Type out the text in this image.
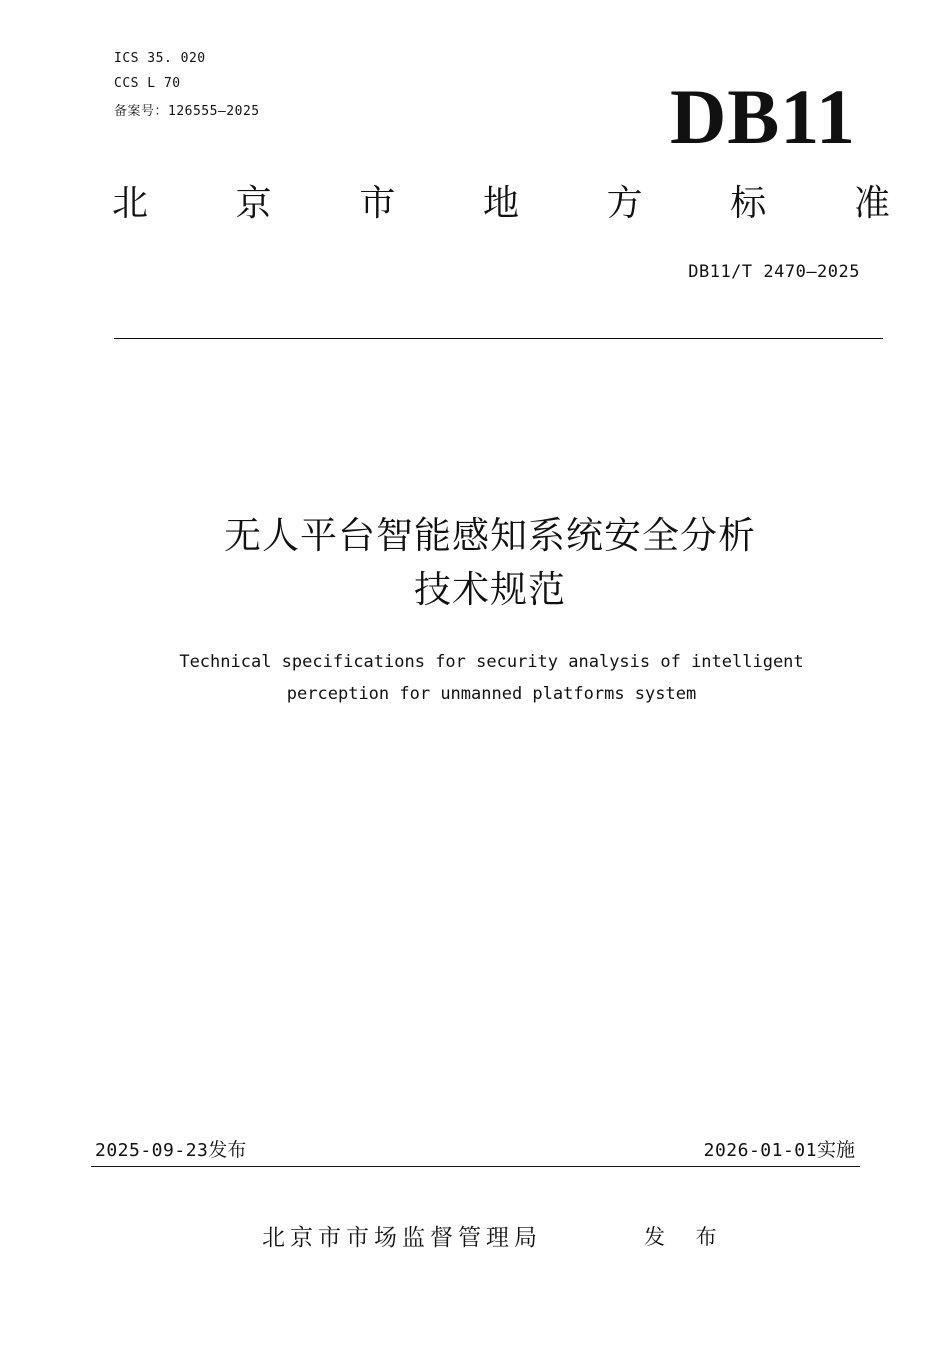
ICS 35. 020
CCS L 70
备案号：126555—2025	DB11
北 京 市 地 方 标 准
DB11/T 2470—2025
无人平台智能感知系统安全分析
技术规范
Technical specifications for security analysis of intelligent
perception for unmanned platforms system
2025-09-23发布	2026-01-01实施
北京市市场监督管理局	发 布
